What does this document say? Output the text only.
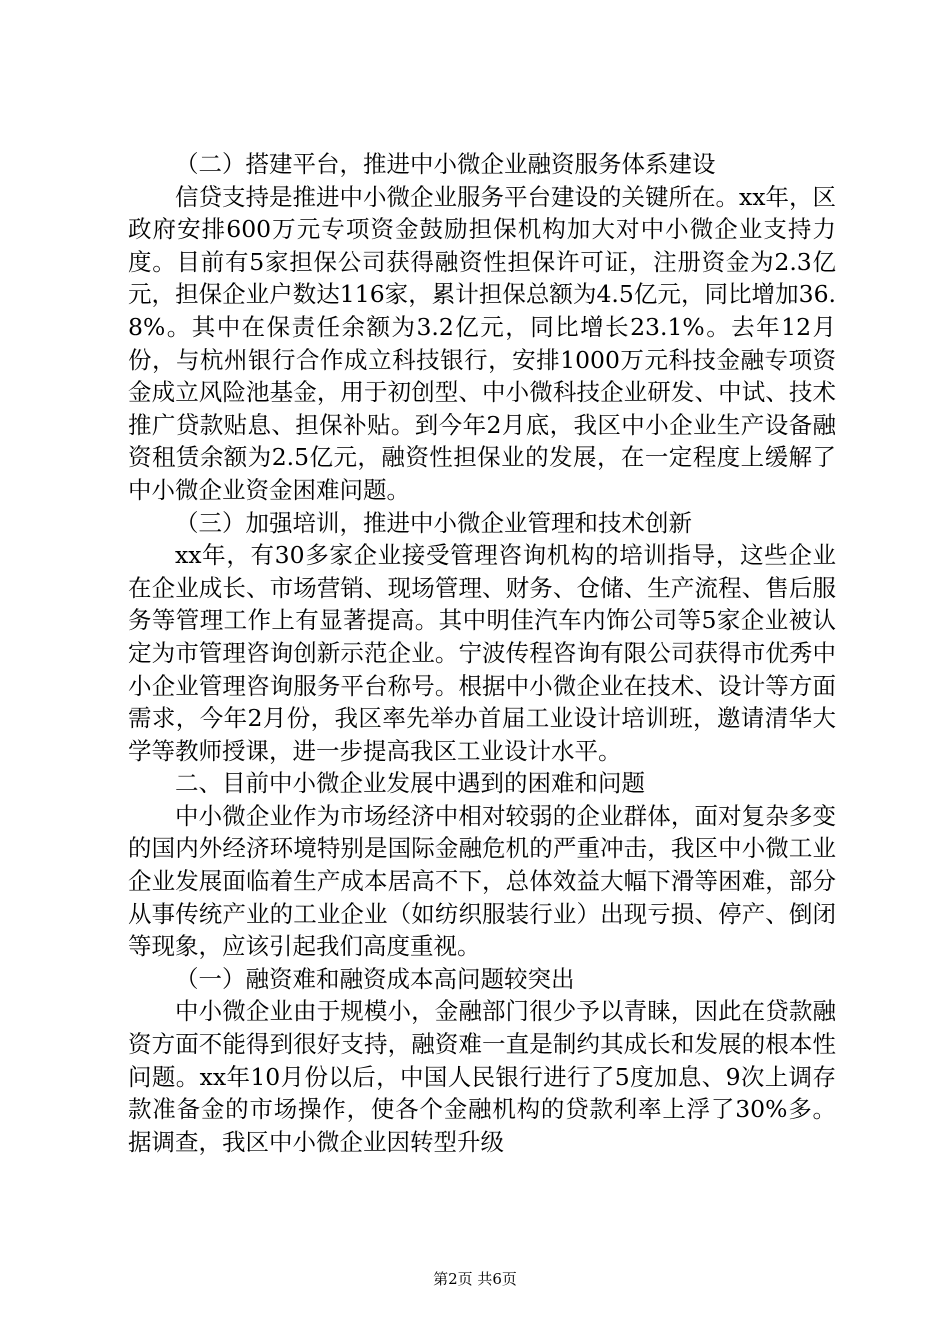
（二）搭建平台，推进中小微企业融资服务体系建设

信贷支持是推进中小微企业服务平台建设的关键所在。xx年，区政府安排600万元专项资金鼓励担保机构加大对中小微企业支持力度。目前有5家担保公司获得融资性担保许可证，注册资金为2.3亿元，担保企业户数达116家，累计担保总额为4.5亿元，同比增加36.8%。其中在保责任余额为3.2亿元，同比增长23.1%。去年12月份，与杭州银行合作成立科技银行，安排1000万元科技金融专项资金成立风险池基金，用于初创型、中小微科技企业研发、中试、技术推广贷款贴息、担保补贴。到今年2月底，我区中小企业生产设备融资租赁余额为2.5亿元，融资性担保业的发展，在一定程度上缓解了中小微企业资金困难问题。

（三）加强培训，推进中小微企业管理和技术创新

xx年，有30多家企业接受管理咨询机构的培训指导，这些企业在企业成长、市场营销、现场管理、财务、仓储、生产流程、售后服务等管理工作上有显著提高。其中明佳汽车内饰公司等5家企业被认定为市管理咨询创新示范企业。宁波传程咨询有限公司获得市优秀中小企业管理咨询服务平台称号。根据中小微企业在技术、设计等方面需求，今年2月份，我区率先举办首届工业设计培训班，邀请清华大学等教师授课，进一步提高我区工业设计水平。

二、目前中小微企业发展中遇到的困难和问题

中小微企业作为市场经济中相对较弱的企业群体，面对复杂多变的国内外经济环境特别是国际金融危机的严重冲击，我区中小微工业企业发展面临着生产成本居高不下，总体效益大幅下滑等困难，部分从事传统产业的工业企业（如纺织服装行业）出现亏损、停产、倒闭等现象，应该引起我们高度重视。

（一）融资难和融资成本高问题较突出

中小微企业由于规模小，金融部门很少予以青睐，因此在贷款融资方面不能得到很好支持，融资难一直是制约其成长和发展的根本性问题。xx年10月份以后，中国人民银行进行了5度加息、9次上调存款准备金的市场操作，使各个金融机构的贷款利率上浮了30%多。据调查，我区中小微企业因转型升级

第2页 共6页
